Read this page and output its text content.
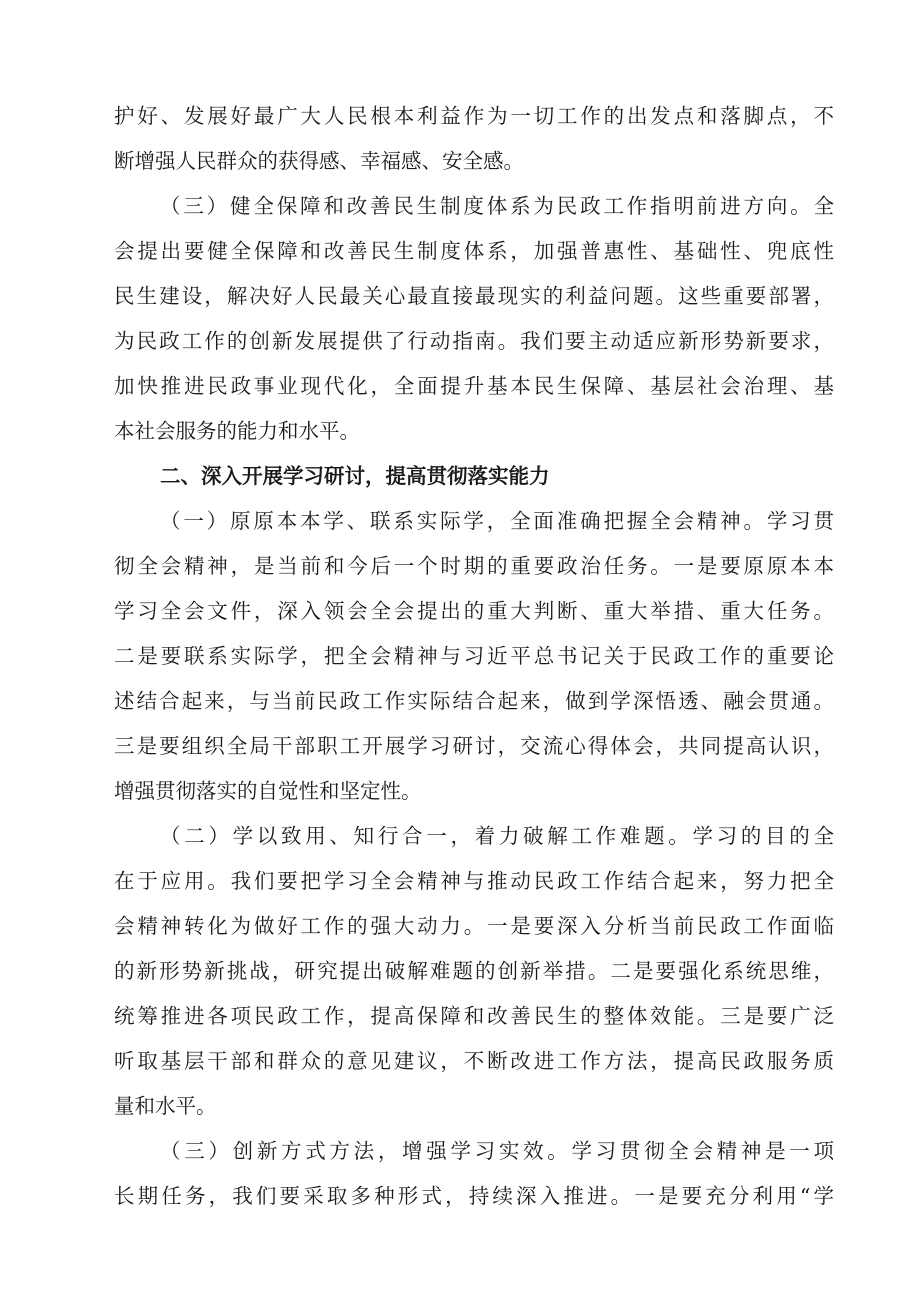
护好、发展好最广大人民根本利益作为一切工作的出发点和落脚点，不
断增强人民群众的获得感、幸福感、安全感。
（三）健全保障和改善民生制度体系为民政工作指明前进方向。全
会提出要健全保障和改善民生制度体系，加强普惠性、基础性、兜底性
民生建设，解决好人民最关心最直接最现实的利益问题。这些重要部署，
为民政工作的创新发展提供了行动指南。我们要主动适应新形势新要求，
加快推进民政事业现代化，全面提升基本民生保障、基层社会治理、基
本社会服务的能力和水平。
二、深入开展学习研讨，提高贯彻落实能力
（一）原原本本学、联系实际学，全面准确把握全会精神。学习贯
彻全会精神，是当前和今后一个时期的重要政治任务。一是要原原本本
学习全会文件，深入领会全会提出的重大判断、重大举措、重大任务。
二是要联系实际学，把全会精神与习近平总书记关于民政工作的重要论
述结合起来，与当前民政工作实际结合起来，做到学深悟透、融会贯通。
三是要组织全局干部职工开展学习研讨，交流心得体会，共同提高认识，
增强贯彻落实的自觉性和坚定性。
（二）学以致用、知行合一，着力破解工作难题。学习的目的全
在于应用。我们要把学习全会精神与推动民政工作结合起来，努力把全
会精神转化为做好工作的强大动力。一是要深入分析当前民政工作面临
的新形势新挑战，研究提出破解难题的创新举措。二是要强化系统思维，
统筹推进各项民政工作，提高保障和改善民生的整体效能。三是要广泛
听取基层干部和群众的意见建议，不断改进工作方法，提高民政服务质
量和水平。
（三）创新方式方法，增强学习实效。学习贯彻全会精神是一项
长期任务，我们要采取多种形式，持续深入推进。一是要充分利用“学
